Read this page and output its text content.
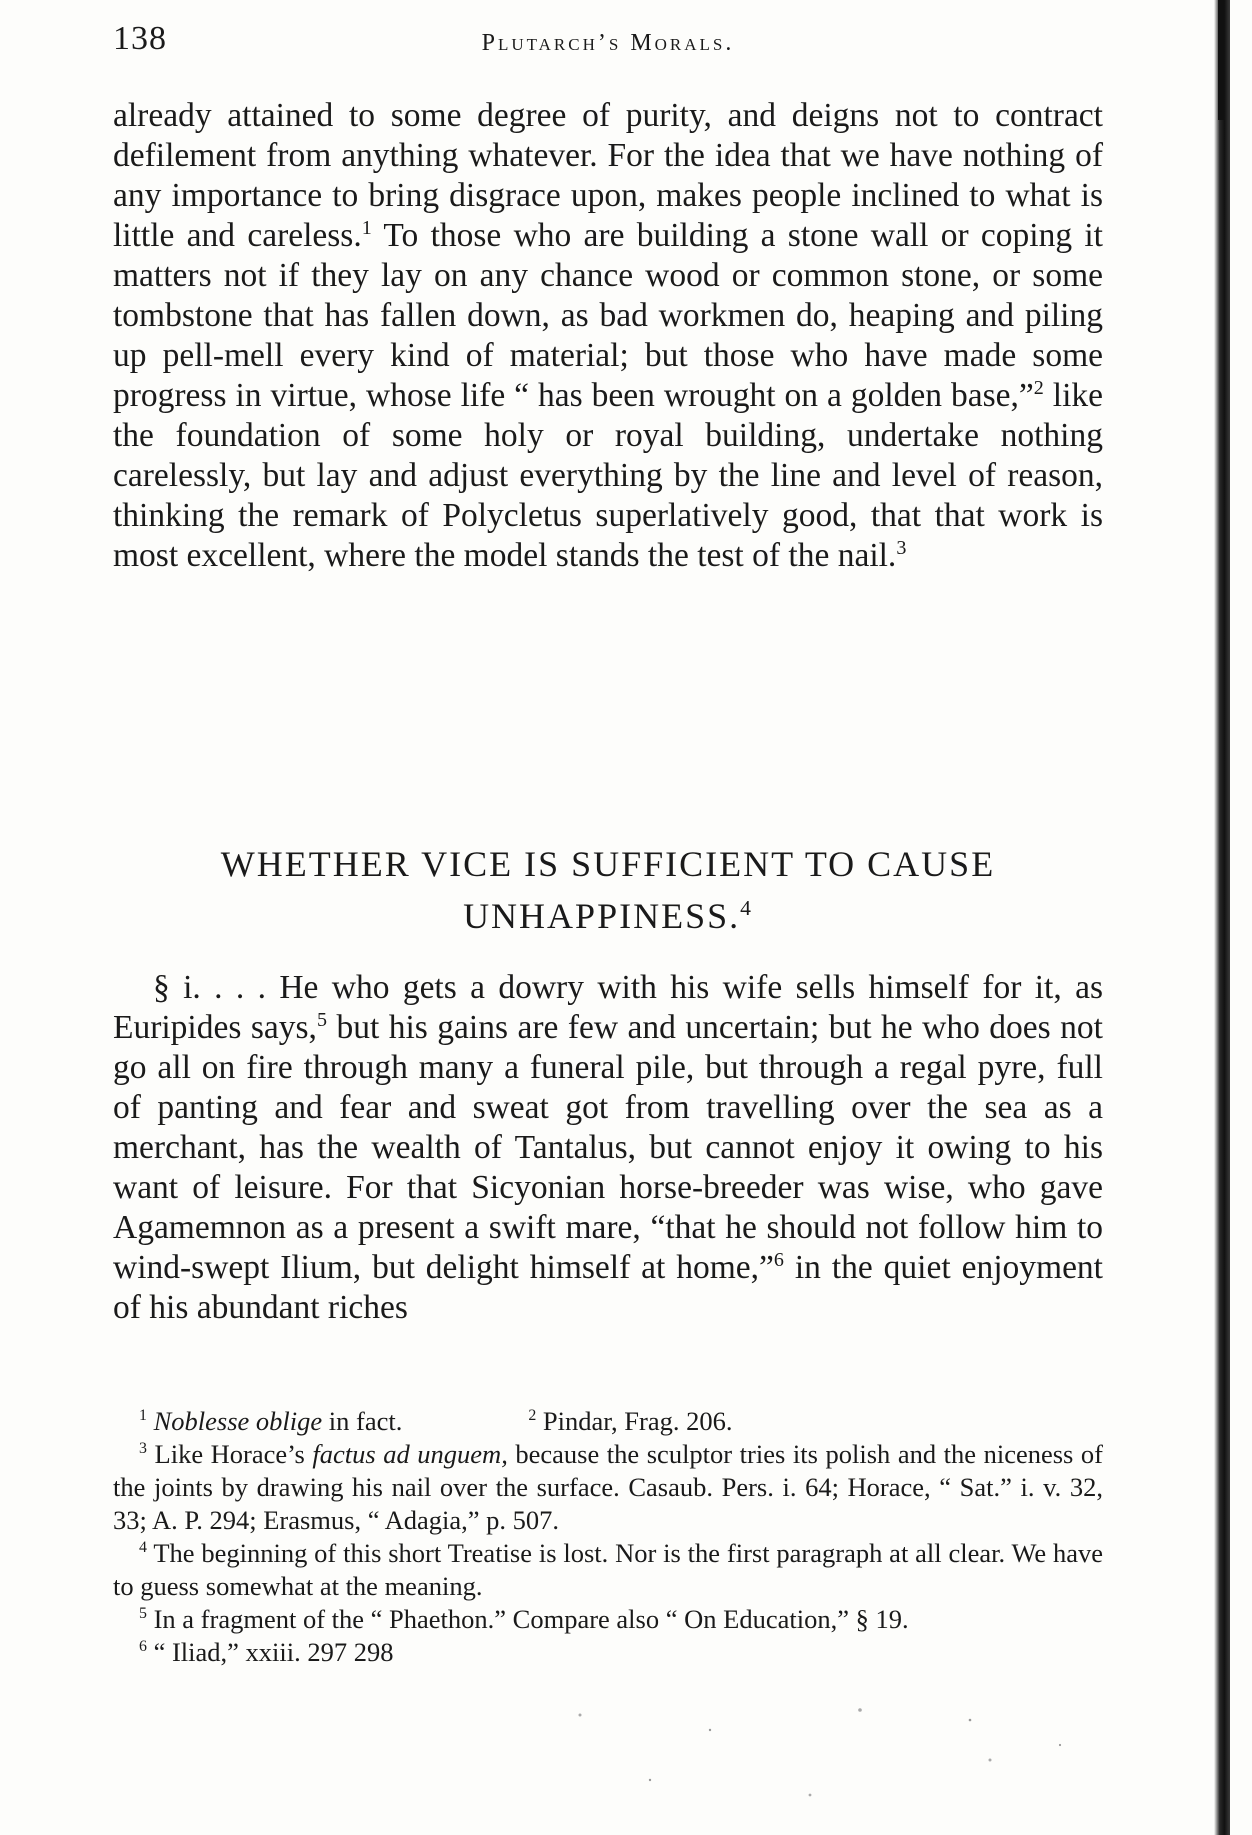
138	Plutarch’s Morals.

already attained to some degree of purity, and deigns not to contract defilement from anything whatever. For the idea that we have nothing of any importance to bring disgrace upon, makes people inclined to what is little and careless.$^1$ To those who are building a stone wall or coping it matters not if they lay on any chance wood or common stone, or some tombstone that has fallen down, as bad workmen do, heaping and piling up pell-mell every kind of material; but those who have made some progress in virtue, whose life “ has been wrought on a golden base,”$^2$ like the foundation of some holy or royal building, undertake nothing carelessly, but lay and adjust everything by the line and level of reason, thinking the remark of Polycletus superlatively good, that that work is most excellent, where the model stands the test of the nail.$^3$

WHETHER VICE IS SUFFICIENT TO CAUSE UNHAPPINESS.$^4$

§ i. . . . He who gets a dowry with his wife sells himself for it, as Euripides says,$^5$ but his gains are few and uncertain; but he who does not go all on fire through many a funeral pile, but through a regal pyre, full of panting and fear and sweat got from travelling over the sea as a merchant, has the wealth of Tantalus, but cannot enjoy it owing to his want of leisure. For that Sicyonian horse-breeder was wise, who gave Agamemnon as a present a swift mare, “that he should not follow him to wind-swept Ilium, but delight himself at home,”$^6$ in the quiet enjoyment of his abundant riches

$^1$ Noblesse oblige in fact.	$^2$ Pindar, Frag. 206.

$^3$ Like Horace’s factus ad unguem, because the sculptor tries its polish and the niceness of the joints by drawing his nail over the surface. Casaub. Pers. i. 64; Horace, “ Sat.” i. v. 32, 33; A. P. 294; Erasmus, “ Adagia,” p. 507.

$^4$ The beginning of this short Treatise is lost. Nor is the first paragraph at all clear. We have to guess somewhat at the meaning.

$^5$ In a fragment of the “ Phaethon.” Compare also “ On Education,” § 19.

$^6$ “ Iliad,” xxiii. 297 298
